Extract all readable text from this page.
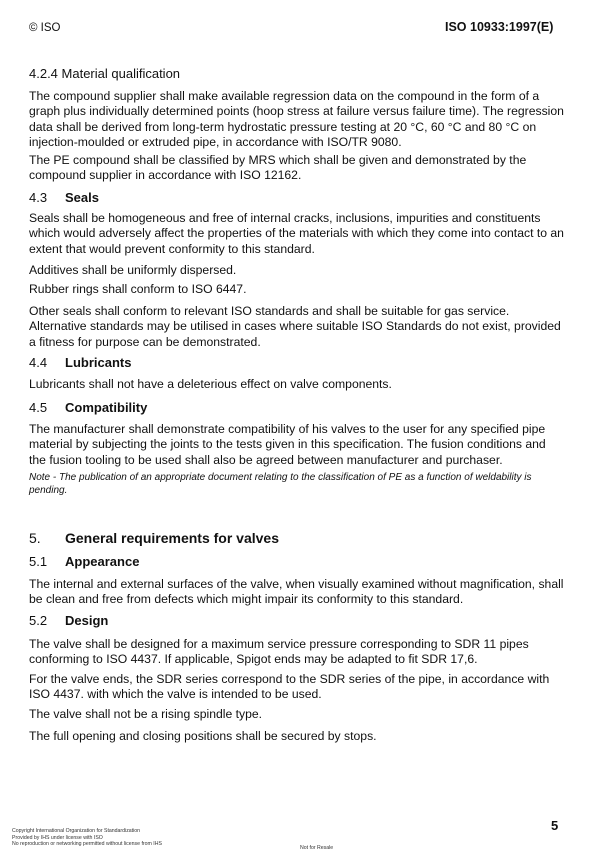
© ISO	ISO 10933:1997(E)
4.2.4 Material qualification
The compound supplier shall make available regression data on the compound in the form of a graph plus individually determined points (hoop stress at failure versus failure time). The regression data shall be derived from long-term hydrostatic pressure testing at 20 °C, 60 °C and 80 °C on injection-moulded or extruded pipe, in accordance with ISO/TR 9080.
The PE compound shall be classified by MRS which shall be given and demonstrated by the compound supplier in accordance with ISO 12162.
4.3 Seals
Seals shall be homogeneous and free of internal cracks, inclusions, impurities and constituents which would adversely affect the properties of the materials with which they come into contact to an extent that would prevent conformity to this standard.
Additives shall be uniformly dispersed.
Rubber rings shall conform to ISO 6447.
Other seals shall conform to relevant ISO standards and shall be suitable for gas service. Alternative standards may be utilised in cases where suitable ISO Standards do not exist, provided a fitness for purpose can be demonstrated.
4.4 Lubricants
Lubricants shall not have a deleterious effect on valve components.
4.5 Compatibility
The manufacturer shall demonstrate compatibility of his valves to the user for any specified pipe material by subjecting the joints to the tests given in this specification. The fusion conditions and the fusion tooling to be used shall also be agreed between manufacturer and purchaser.
Note - The publication of an appropriate document relating to the classification of PE as a function of weldability is pending.
5. General requirements for valves
5.1 Appearance
The internal and external surfaces of the valve, when visually examined without magnification, shall be clean and free from defects which might impair its conformity to this standard.
5.2 Design
The valve shall be designed for a maximum service pressure corresponding to SDR 11 pipes conforming to ISO 4437. If applicable, Spigot ends may be adapted to fit SDR 17,6.
For the valve ends, the SDR series correspond to the SDR series of the pipe, in accordance with ISO 4437. with which the valve is intended to be used.
The valve shall not be a rising spindle type.
The full opening and closing positions shall be secured by stops.
5
Copyright International Organization for Standardization
Provided by IHS under license with ISO
No reproduction or networking permitted without license from IHS
Not for Resale
